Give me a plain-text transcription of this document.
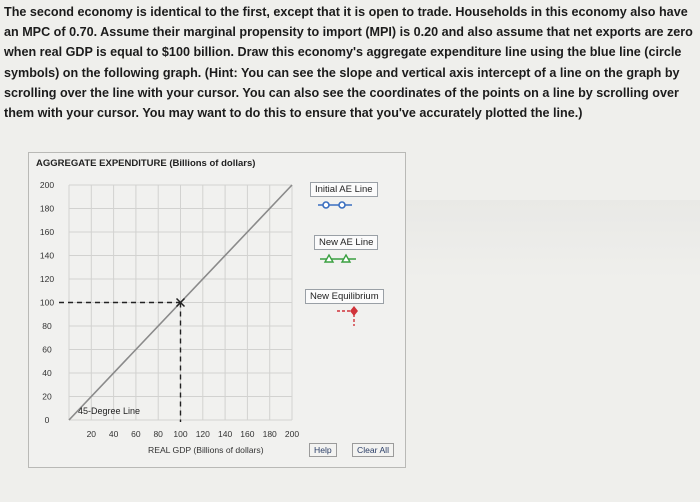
The second economy is identical to the first, except that it is open to trade. Households in this economy also have
an MPC of 0.70. Assume their marginal propensity to import (MPI) is 0.20 and also assume that net exports are zero
when real GDP is equal to $100 billion. Draw this economy's aggregate expenditure line using the blue line (circle
symbols) on the following graph. (Hint: You can see the slope and vertical axis intercept of a line on the graph by
scrolling over the line with your cursor. You can also see the coordinates of the points on a line by scrolling over
them with your cursor. You may want to do this to ensure that you've accurately plotted the line.)
AGGREGATE EXPENDITURE (Billions of dollars)
200
180
160
140
120
100
80
60
40
20
0
20 40 60 80 100 120 140 160 180 200
45-Degree Line
REAL GDP (Billions of dollars)
Initial AE Line
New AE Line
New Equilibrium
Help	Clear All
